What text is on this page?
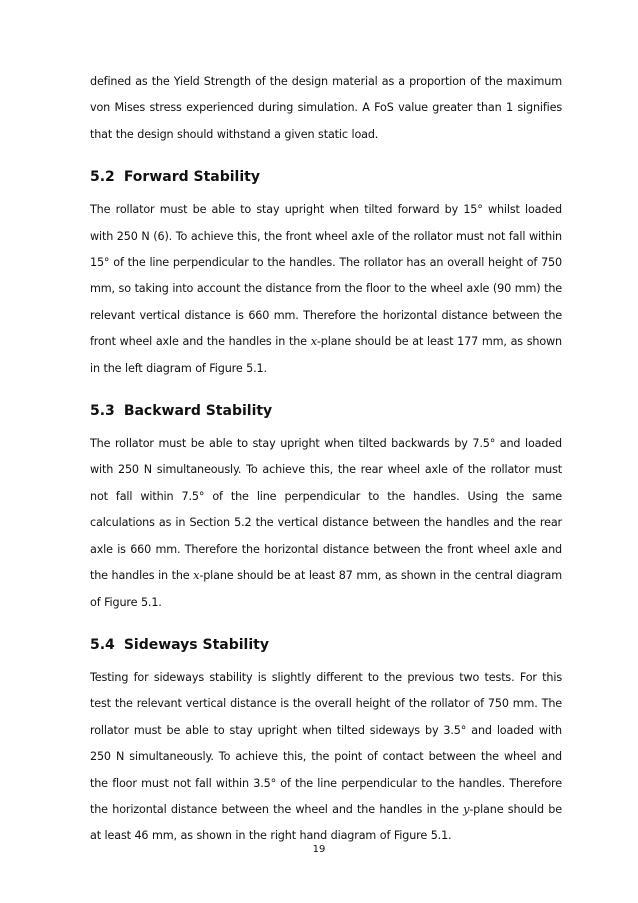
defined as the Yield Strength of the design material as a proportion of the maximum von Mises stress experienced during simulation. A FoS value greater than 1 signifies that the design should withstand a given static load.

5.2 Forward Stability

The rollator must be able to stay upright when tilted forward by 15° whilst loaded with 250 N (6). To achieve this, the front wheel axle of the rollator must not fall within 15° of the line perpendicular to the handles. The rollator has an overall height of 750 mm, so taking into account the distance from the floor to the wheel axle (90 mm) the relevant vertical distance is 660 mm. Therefore the horizontal distance between the front wheel axle and the handles in the x-plane should be at least 177 mm, as shown in the left diagram of Figure 5.1.

5.3 Backward Stability

The rollator must be able to stay upright when tilted backwards by 7.5° and loaded with 250 N simultaneously. To achieve this, the rear wheel axle of the rollator must not fall within 7.5° of the line perpendicular to the handles. Using the same calculations as in Section 5.2 the vertical distance between the handles and the rear axle is 660 mm. Therefore the horizontal distance between the front wheel axle and the handles in the x-plane should be at least 87 mm, as shown in the central diagram of Figure 5.1.

5.4 Sideways Stability

Testing for sideways stability is slightly different to the previous two tests. For this test the relevant vertical distance is the overall height of the rollator of 750 mm. The rollator must be able to stay upright when tilted sideways by 3.5° and loaded with 250 N simultaneously. To achieve this, the point of contact between the wheel and the floor must not fall within 3.5° of the line perpendicular to the handles. Therefore the horizontal distance between the wheel and the handles in the y-plane should be at least 46 mm, as shown in the right hand diagram of Figure 5.1.

19
